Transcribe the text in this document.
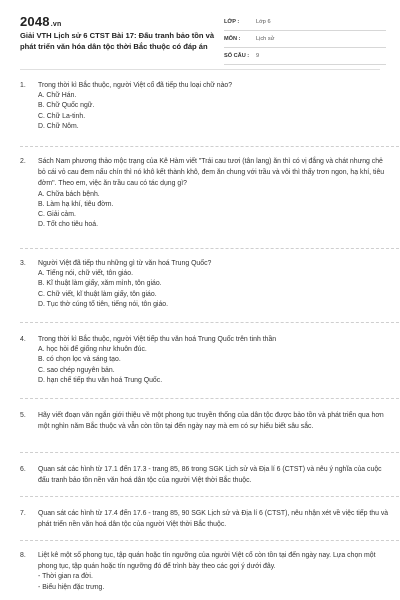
2048.vn
Giải VTH Lịch sử 6 CTST Bài 17: Đấu tranh bảo tồn và phát triển văn hóa dân tộc thời Bắc thuộc có đáp án
LỚP :	Lớp 6
MÔN :	Lịch sử
SỐ CÂU :	9
1.	Trong thời kì Bắc thuộc, người Việt cổ đã tiếp thu loại chữ nào?
A. Chữ Hán.
B. Chữ Quốc ngữ.
C. Chữ La-tinh.
D. Chữ Nôm.
2.	Sách Nam phương thảo mộc trạng của Kê Hàm viết "Trái cau tươi (tân lang) ăn thì có vị đắng và chát nhưng chẻ bỏ cái vỏ cau đem nấu chín thì nó khô kết thành khô, đem ăn chung với trầu và vôi thì thấy trơn ngon, hạ khí, tiêu đờm". Theo em, việc ăn trầu cau có tác dụng gì?
A. Chữa bách bệnh.
B. Làm hạ khí, tiêu đờm.
C. Giải cảm.
D. Tốt cho tiêu hoá.
3.	Người Việt đã tiếp thu những gì từ văn hoá Trung Quốc?
A. Tiếng nói, chữ viết, tôn giáo.
B. Kĩ thuật làm giấy, xăm mình, tôn giáo.
C. Chữ viết, kĩ thuật làm giấy, tôn giáo.
D. Tục thờ cúng tổ tiên, tiếng nói, tôn giáo.
4.	Trong thời kì Bắc thuộc, người Việt tiếp thu văn hoá Trung Quốc trên tinh thần
A. học hỏi để giống như khuôn đúc.
B. có chọn lọc và sáng tạo.
C. sao chép nguyên bản.
D. hạn chế tiếp thu văn hoá Trung Quốc.
5.	Hãy viết đoạn văn ngắn giới thiệu về một phong tục truyền thống của dân tộc được bảo tồn và phát triển qua hơn một nghìn năm Bắc thuộc và vẫn còn tồn tại đến ngày nay mà em có sự hiểu biết sâu sắc.
6.	Quan sát các hình từ 17.1 đến 17.3 - trang 85, 86 trong SGK Lịch sử và Địa lí 6 (CTST) và nêu ý nghĩa của cuộc đấu tranh bảo tồn nền văn hoá dân tộc của người Việt thời Bắc thuộc.
7.	Quan sát các hình từ 17.4 đến 17.6 - trang 85, 90 SGK Lịch sử và Địa lí 6 (CTST), nêu nhận xét về việc tiếp thu và phát triển nền văn hoá dân tộc của người Việt thời Bắc thuộc.
8.	Liệt kê một số phong tục, tập quán hoặc tín ngưỡng của người Việt cổ còn tồn tại đến ngày nay. Lựa chọn một phong tục, tập quán hoặc tín ngưỡng đó để trình bày theo các gợi ý dưới đây.
- Thời gian ra đời.
- Biểu hiện đặc trưng.
